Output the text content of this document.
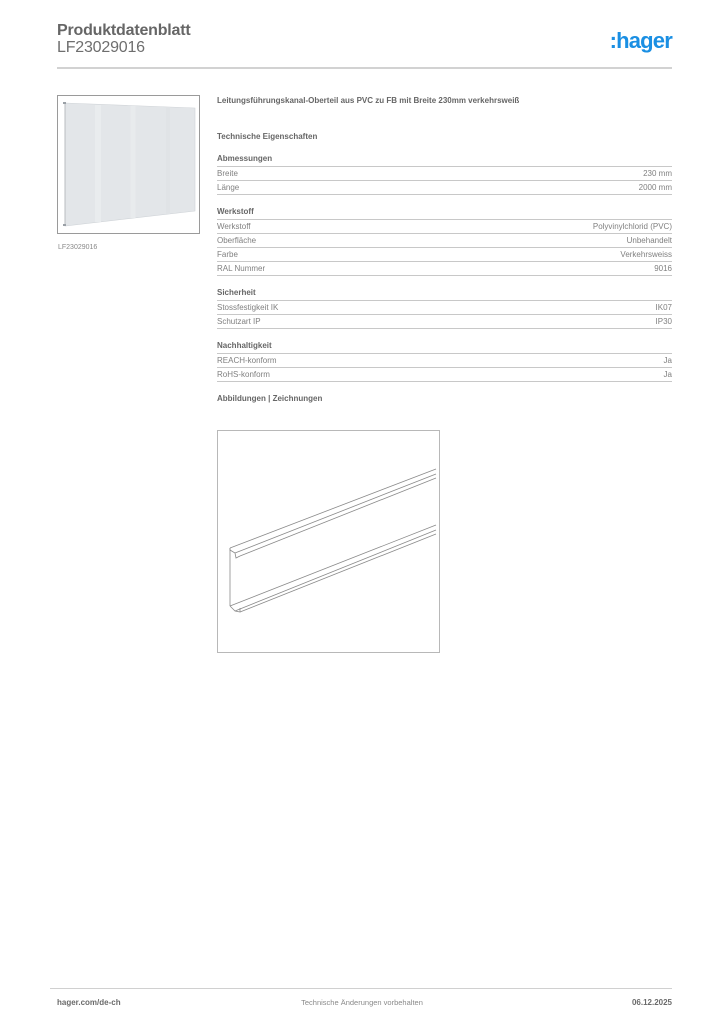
Produktdatenblatt
LF23029016	:hager
LF23029016
Leitungsführungskanal-Oberteil aus PVC zu FB mit Breite 230mm verkehrsweiß
Technische Eigenschaften
Abmessungen
Breite	230 mm
Länge	2000 mm
Werkstoff
Werkstoff	Polyvinylchlorid (PVC)
Oberfläche	Unbehandelt
Farbe	Verkehrsweiss
RAL Nummer	9016
Sicherheit
Stossfestigkeit IK	IK07
Schutzart IP	IP30
Nachhaltigkeit
REACH-konform	Ja
RoHS-konform	Ja
Abbildungen | Zeichnungen
Technische Änderungen vorbehalten
hager.com/de-ch	06.12.2025
